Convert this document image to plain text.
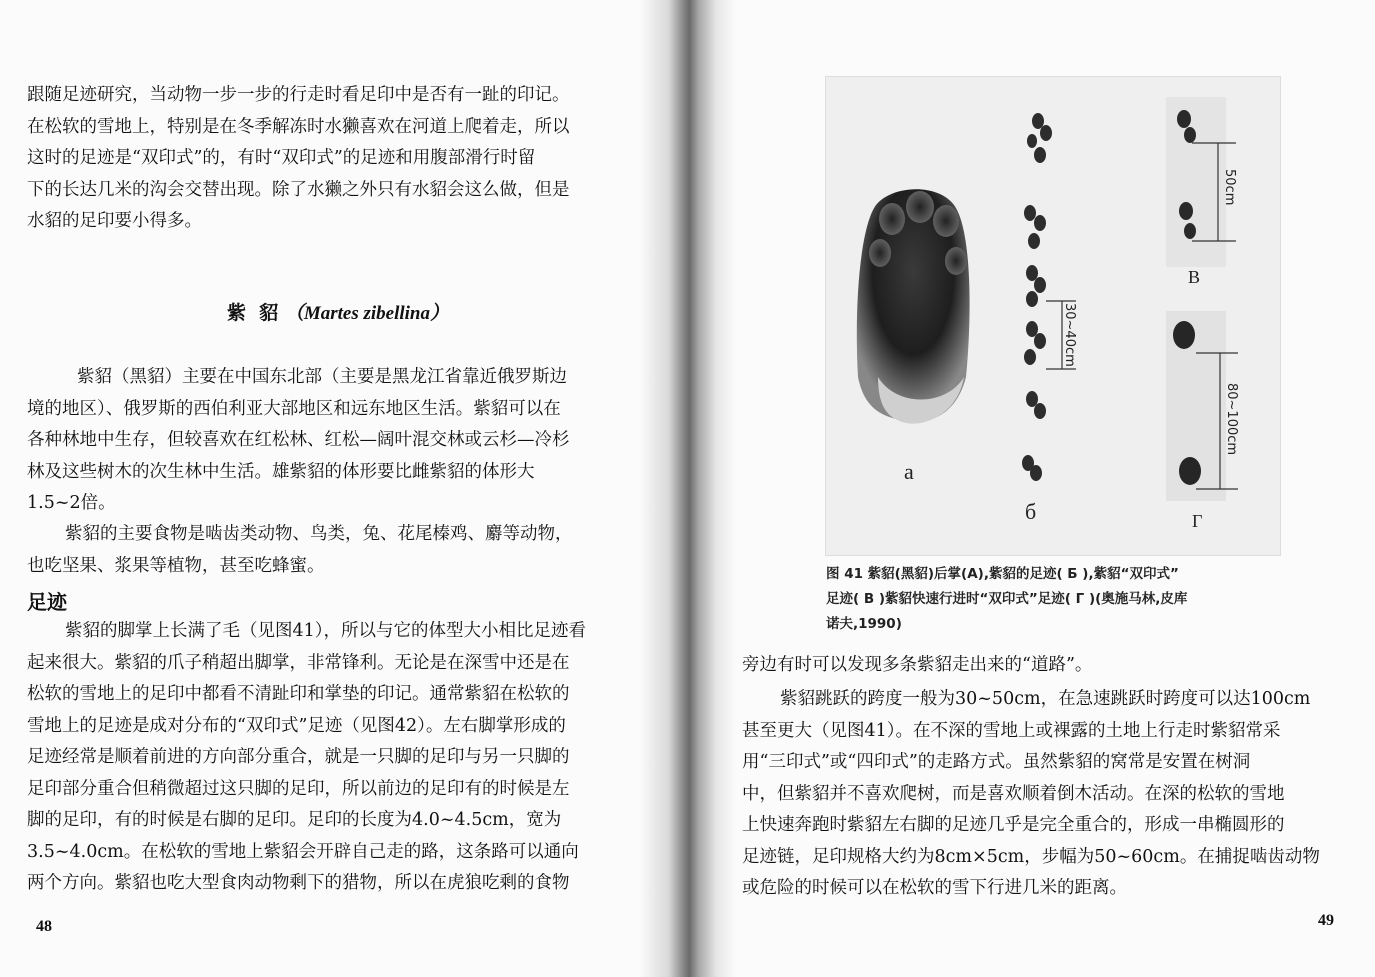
跟随足迹研究，当动物一步一步的行走时看足印中是否有一趾的印记。
在松软的雪地上，特别是在冬季解冻时水獭喜欢在河道上爬着走，所以
这时的足迹是“双印式”的，有时“双印式”的足迹和用腹部滑行时留
下的长达几米的沟会交替出现。除了水獭之外只有水貂会这么做，但是
水貂的足印要小得多。
紫  貂 （Martes zibellina）
紫貂（黑貂）主要在中国东北部（主要是黑龙江省靠近俄罗斯边
境的地区）、俄罗斯的西伯利亚大部地区和远东地区生活。紫貂可以在
各种林地中生存，但较喜欢在红松林、红松—阔叶混交林或云杉—冷杉
林及这些树木的次生林中生活。雄紫貂的体形要比雌紫貂的体形大
1.5~2倍。
紫貂的主要食物是啮齿类动物、鸟类，兔、花尾榛鸡、麝等动物，
也吃坚果、浆果等植物，甚至吃蜂蜜。
足迹
紫貂的脚掌上长满了毛（见图41），所以与它的体型大小相比足迹看
起来很大。紫貂的爪子稍超出脚掌，非常锋利。无论是在深雪中还是在
松软的雪地上的足印中都看不清趾印和掌垫的印记。通常紫貂在松软的
雪地上的足迹是成对分布的“双印式”足迹（见图42）。左右脚掌形成的
足迹经常是顺着前进的方向部分重合，就是一只脚的足印与另一只脚的
足印部分重合但稍微超过这只脚的足印，所以前边的足印有的时候是左
脚的足印，有的时候是右脚的足印。足印的长度为4.0~4.5cm，宽为
3.5~4.0cm。在松软的雪地上紫貂会开辟自己走的路，这条路可以通向
两个方向。紫貂也吃大型食肉动物剩下的猎物，所以在虎狼吃剩的食物
48
a
30~40cm
б
50cm
B
80~100cm
Г
图 41 紫貂(黑貂)后掌(A),紫貂的足迹( Б ),紫貂“双印式”
足迹( B )紫貂快速行进时“双印式”足迹( Г )(奥施马林,皮库
诺夫,1990)
旁边有时可以发现多条紫貂走出来的“道路”。
紫貂跳跃的跨度一般为30~50cm，在急速跳跃时跨度可以达100cm
甚至更大（见图41）。在不深的雪地上或裸露的土地上行走时紫貂常采
用“三印式”或“四印式”的走路方式。虽然紫貂的窝常是安置在树洞
中，但紫貂并不喜欢爬树，而是喜欢顺着倒木活动。在深的松软的雪地
上快速奔跑时紫貂左右脚的足迹几乎是完全重合的，形成一串椭圆形的
足迹链，足印规格大约为8cm×5cm，步幅为50~60cm。在捕捉啮齿动物
或危险的时候可以在松软的雪下行进几米的距离。
49
